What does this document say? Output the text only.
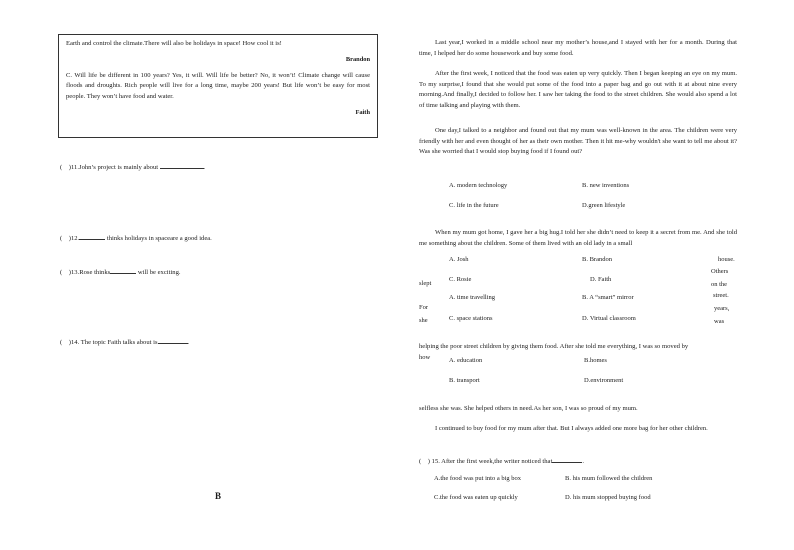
Earth and control the climate.There will also be holidays in space! How cool it is!

Brandon

C. Will life be different in 100 years? Yes, it will. Will life be better? No, it won’t! Climate change will cause floods and droughts. Rich people will live for a long time, maybe 200 years! But life won’t be easy for most people. They won’t have food and water.

Faith

( )11.John’s project is mainly about	.
( )12.	thinks holidays in spaceare a good idea.
( )13.Rose thinks	will be exciting.
( )14. The topic Faith talks about is	.
B

Last year,I worked in a middle school near my mother’s house,and I stayed with her for a month. During that time, I helped her do some housework and buy some food.

After the first week, I noticed that the food was eaten up very quickly. Then I began keeping an eye on my mum. To my surprise,I found that she would put some of the food into a paper bag and go out with it at about nine every morning.And finally,I decided to follow her. I saw her taking the food to the street children. She would also spend a lot of time talking and playing with them.

One day,I talked to a neighbor and found out that my mum was well-known in the area. The children were very friendly with her and even thought of her as their own mother. Then it hit me-why wouldn't she want to tell me about it? Was she worried that I would stop buying food if I found out?

A. modern technology	B. new inventions
C. life in the future	D.green lifestyle

When my mum got home, I gave her a big hug.I told her she didn’t need to keep it a secret from me. And she told me something about the children. Some of them lived with an old lady in a small

A. Josh	B. Brandon
C. Rosie	D. Faith
A. time travelling	B. A “smart” mirror
C. space stations	D. Virtual classroom
house.
Others
on the
slept
street.
For	years,
she	was

helping the poor street children by giving them food. After she told me everything, I was so moved by

how	A. education	B.homes
B. transport	D.environment

selfless she was. She helped others in need.As her son, I was so proud of my mum.

I continued to buy food for my mum after that. But I always added one more bag for her other children.

( ) 15. After the first week,the writer noticed that	.
A.the food was put into a big box	B. his mum followed the children
C.the food was eaten up quickly	D. his mum stopped buying food
